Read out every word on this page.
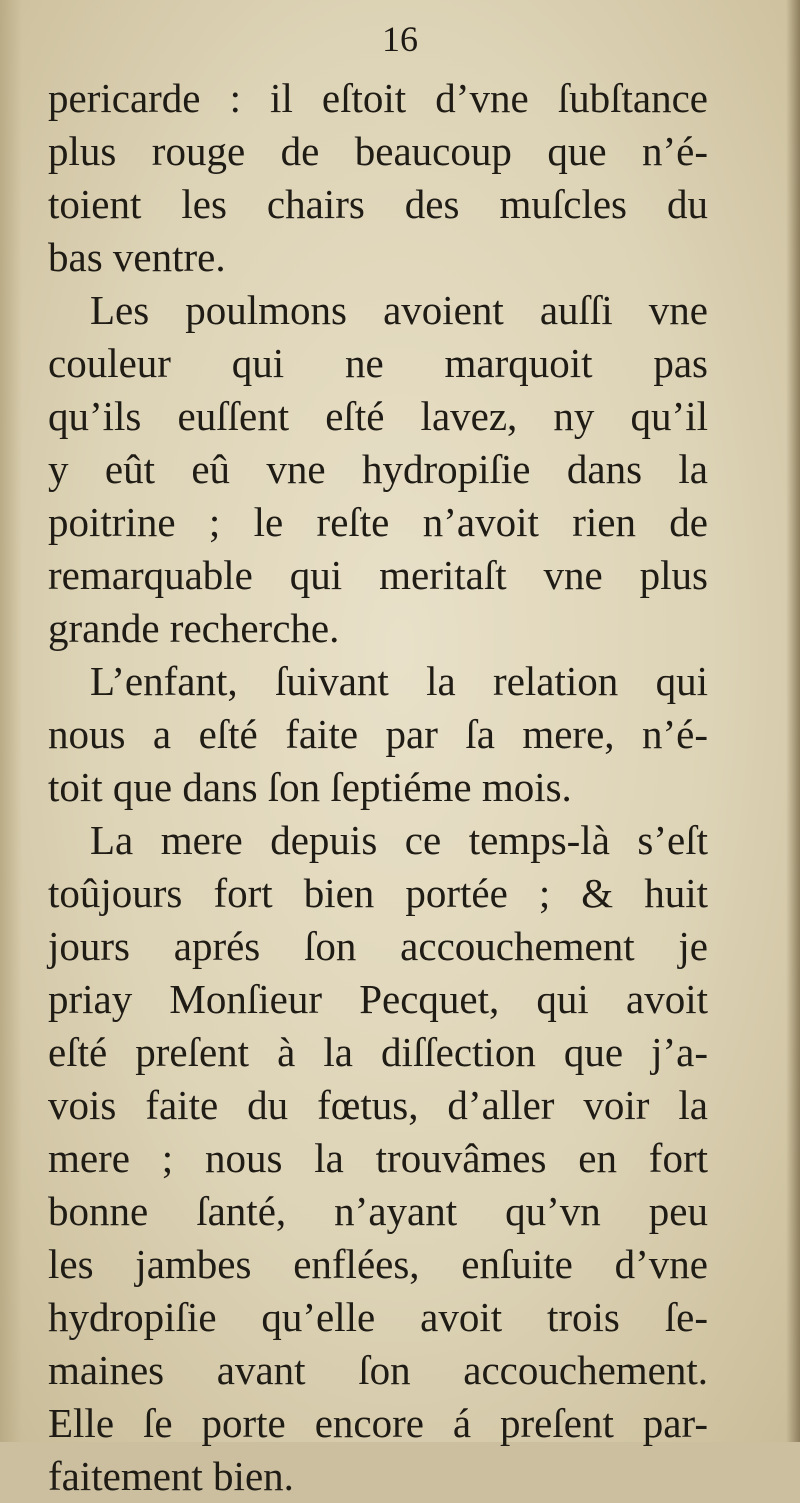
16
pericarde : il eſtoit d’vne ſubſtance
plus rouge de beaucoup que n’é-
toient les chairs des muſcles du
bas ventre.
Les poulmons avoient auſſi vne
couleur qui ne marquoit pas
qu’ils euſſent eſté lavez, ny qu’il
y eût eû vne hydropiſie dans la
poitrine ; le reſte n’avoit rien de
remarquable qui meritaſt vne plus
grande recherche.
L’enfant, ſuivant la relation qui
nous a eſté faite par ſa mere, n’é-
toit que dans ſon ſeptiéme mois.
La mere depuis ce temps-là s’eſt
toûjours fort bien portée ; & huit
jours aprés ſon accouchement je
priay Monſieur Pecquet, qui avoit
eſté preſent à la diſſection que j’a-
vois faite du fœtus, d’aller voir la
mere ; nous la trouvâmes en fort
bonne ſanté, n’ayant qu’vn peu
les jambes enflées, enſuite d’vne
hydropiſie qu’elle avoit trois ſe-
maines avant ſon accouchement.
Elle ſe porte encore á preſent par-
faitement bien.
